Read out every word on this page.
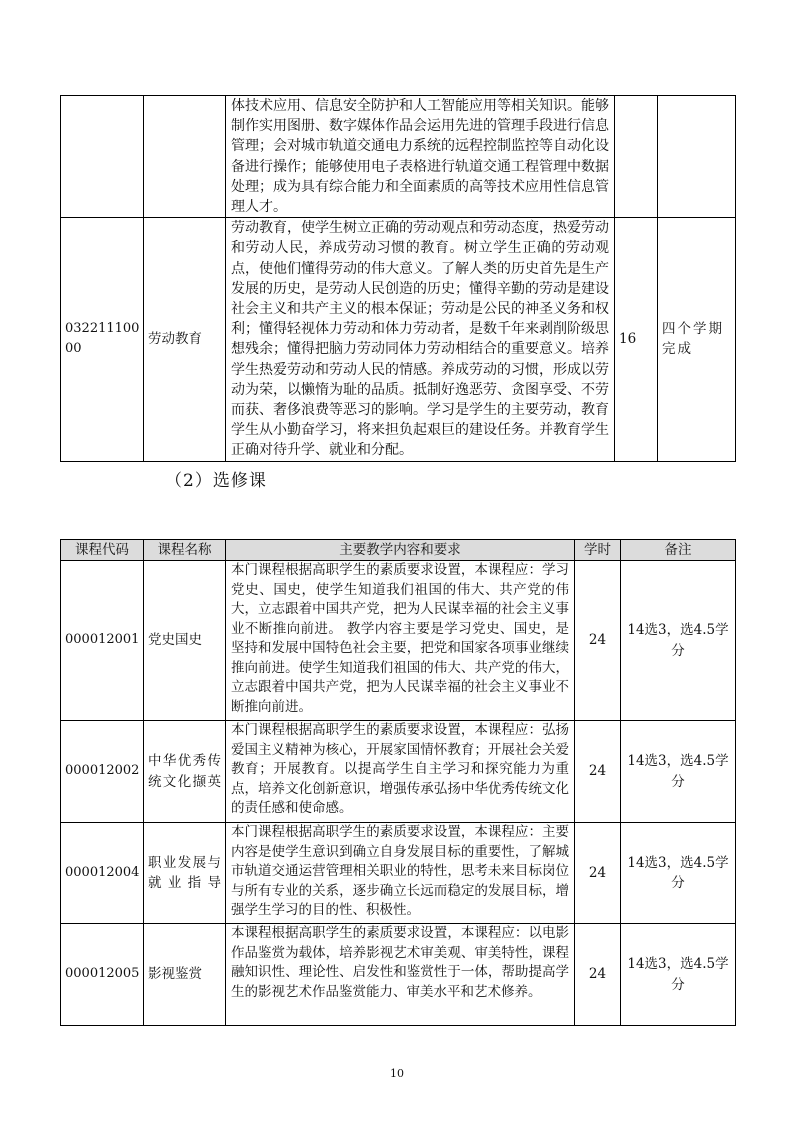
		体技术应用、信息安全防护和人工智能应用等相关知识。能够制作实用图册、数字媒体作品会运用先进的管理手段进行信息管理；会对城市轨道交通电力系统的远程控制监控等自动化设备进行操作；能够使用电子表格进行轨道交通工程管理中数据处理；成为具有综合能力和全面素质的高等技术应用性信息管理人才。		
032211100 00	劳动教育	劳动教育，使学生树立正确的劳动观点和劳动态度，热爱劳动和劳动人民，养成劳动习惯的教育。树立学生正确的劳动观点，使他们懂得劳动的伟大意义。了解人类的历史首先是生产发展的历史，是劳动人民创造的历史；懂得辛勤的劳动是建设社会主义和共产主义的根本保证；劳动是公民的神圣义务和权利；懂得轻视体力劳动和体力劳动者，是数千年来剥削阶级思想残余；懂得把脑力劳动同体力劳动相结合的重要意义。培养学生热爱劳动和劳动人民的情感。养成劳动的习惯，形成以劳动为荣，以懒惰为耻的品质。抵制好逸恶劳、贪图享受、不劳而获、奢侈浪费等恶习的影响。学习是学生的主要劳动，教育学生从小勤奋学习，将来担负起艰巨的建设任务。并教育学生正确对待升学、就业和分配。	16	四个学期完成
（2）选修课
课程代码	课程名称	主要教学内容和要求	学时	备注
000012001	党史国史	本门课程根据高职学生的素质要求设置，本课程应：学习党史、国史，使学生知道我们祖国的伟大、共产党的伟大，立志跟着中国共产党，把为人民谋幸福的社会主义事业不断推向前进。 教学内容主要是学习党史、国史，是坚持和发展中国特色社会主要，把党和国家各项事业继续推向前进。使学生知道我们祖国的伟大、共产党的伟大，立志跟着中国共产党，把为人民谋幸福的社会主义事业不断推向前进。	24	14选3，选4.5学分
000012002	中华优秀传统文化撷英	本门课程根据高职学生的素质要求设置，本课程应：弘扬爱国主义精神为核心，开展家国情怀教育；开展社会关爱教育；开展教育。以提高学生自主学习和探究能力为重点，培养文化创新意识，增强传承弘扬中华优秀传统文化的责任感和使命感。	24	14选3，选4.5学分
000012004	职业发展与就业指导	本门课程根据高职学生的素质要求设置，本课程应：主要内容是使学生意识到确立自身发展目标的重要性，了解城市轨道交通运营管理相关职业的特性，思考未来目标岗位与所有专业的关系，逐步确立长远而稳定的发展目标，增强学生学习的目的性、积极性。	24	14选3，选4.5学分
000012005	影视鉴赏	本课程根据高职学生的素质要求设置，本课程应：以电影作品鉴赏为载体，培养影视艺术审美观、审美特性，课程融知识性、理论性、启发性和鉴赏性于一体，帮助提高学生的影视艺术作品鉴赏能力、审美水平和艺术修养。	24	14选3，选4.5学分
10
